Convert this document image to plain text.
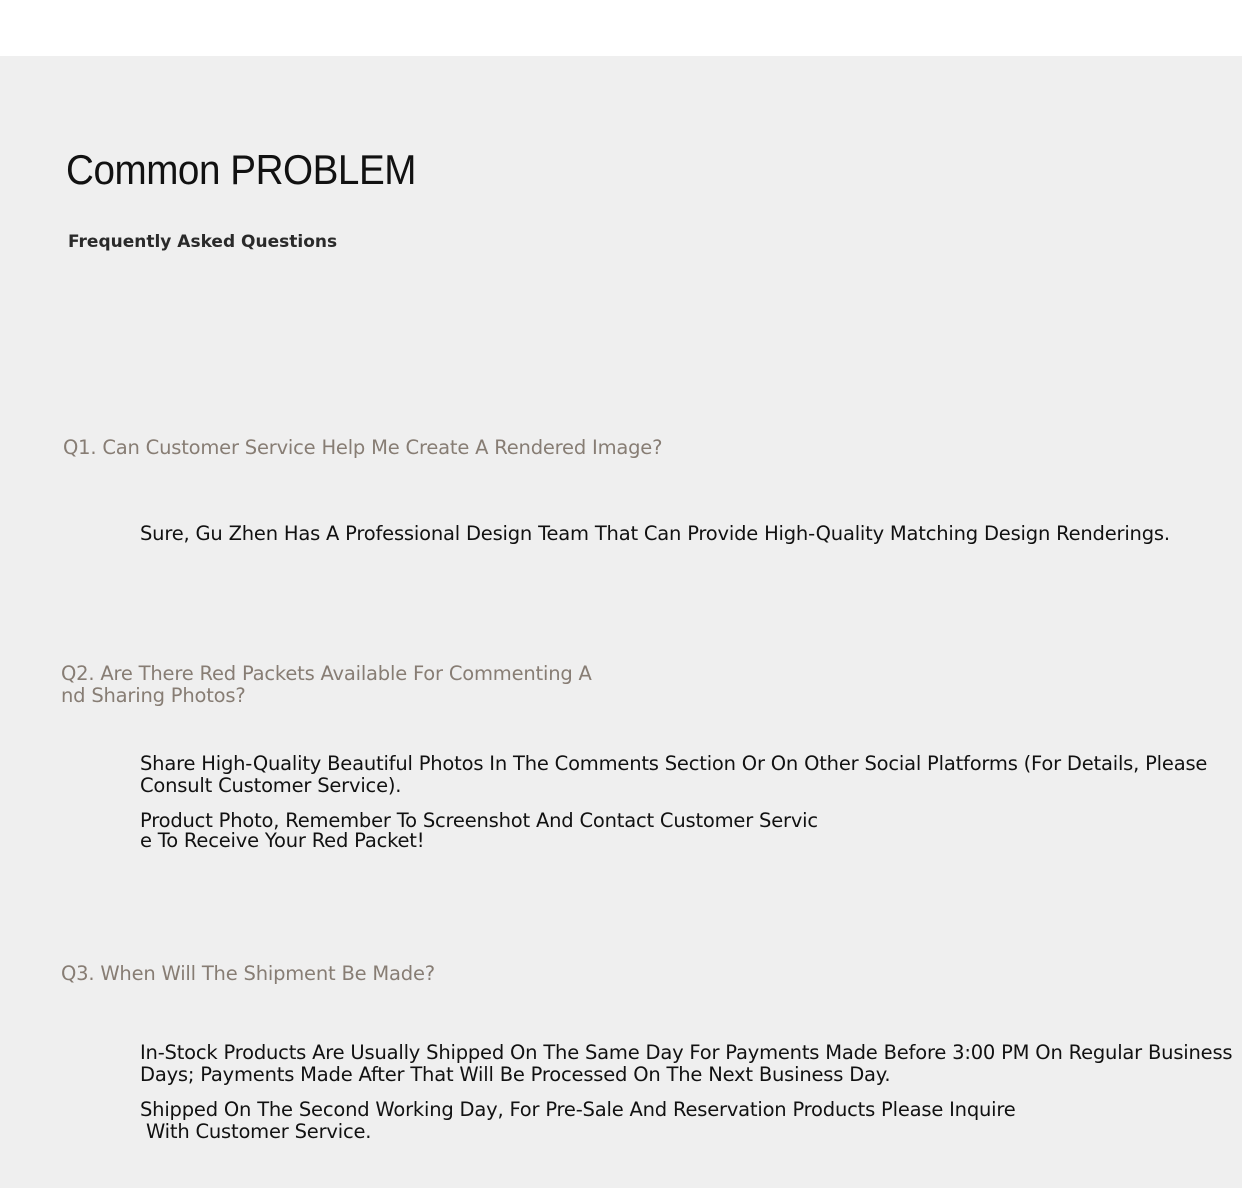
Common PROBLEM
Frequently Asked Questions
Q1. Can Customer Service Help Me Create A Rendered Image?
Sure, Gu Zhen Has A Professional Design Team That Can Provide High-Quality Matching Design Renderings.
Q2. Are There Red Packets Available For Commenting A
nd Sharing Photos?
Share High-Quality Beautiful Photos In The Comments Section Or On Other Social Platforms (For Details, Please
Consult Customer Service).
Product Photo, Remember To Screenshot And Contact Customer Servic
e To Receive Your Red Packet!
Q3. When Will The Shipment Be Made?
In-Stock Products Are Usually Shipped On The Same Day For Payments Made Before 3:00 PM On Regular Business
Days; Payments Made After That Will Be Processed On The Next Business Day.
Shipped On The Second Working Day, For Pre-Sale And Reservation Products Please Inquire
With Customer Service.
